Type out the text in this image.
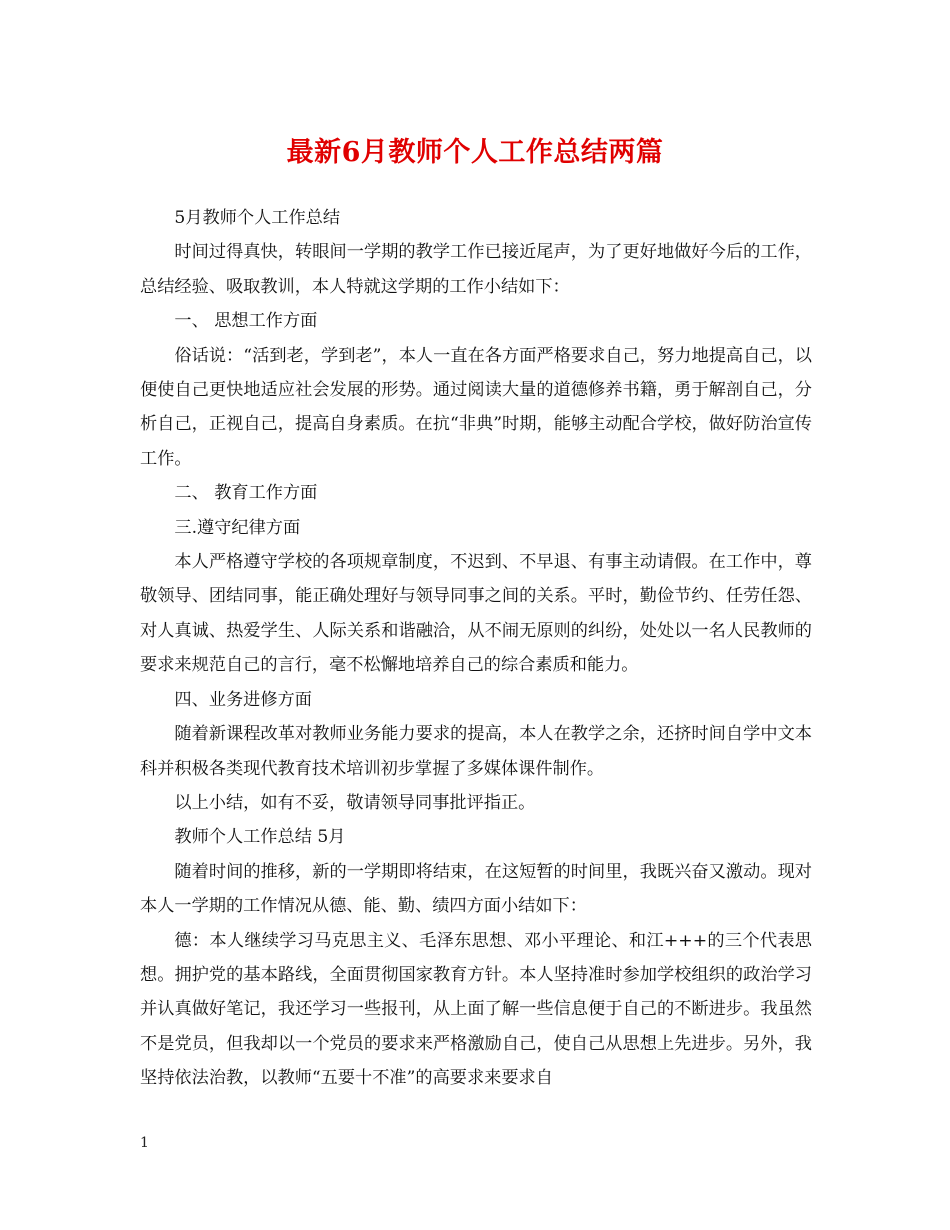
最新6月教师个人工作总结两篇

5月教师个人工作总结

时间过得真快，转眼间一学期的教学工作已接近尾声，为了更好地做好今后的工作，总结经验、吸取教训，本人特就这学期的工作小结如下：

一、 思想工作方面

俗话说：“活到老，学到老”，本人一直在各方面严格要求自己，努力地提高自己，以便使自己更快地适应社会发展的形势。通过阅读大量的道德修养书籍，勇于解剖自己，分析自己，正视自己，提高自身素质。在抗“非典”时期，能够主动配合学校，做好防治宣传工作。

二、 教育工作方面

三.遵守纪律方面

本人严格遵守学校的各项规章制度，不迟到、不早退、有事主动请假。在工作中，尊敬领导、团结同事，能正确处理好与领导同事之间的关系。平时，勤俭节约、任劳任怨、对人真诚、热爱学生、人际关系和谐融洽，从不闹无原则的纠纷，处处以一名人民教师的要求来规范自己的言行，毫不松懈地培养自己的综合素质和能力。

四、业务进修方面

随着新课程改革对教师业务能力要求的提高，本人在教学之余，还挤时间自学中文本科并积极各类现代教育技术培训初步掌握了多媒体课件制作。

以上小结，如有不妥，敬请领导同事批评指正。

教师个人工作总结 5月

随着时间的推移，新的一学期即将结束，在这短暂的时间里，我既兴奋又激动。现对本人一学期的工作情况从德、能、勤、绩四方面小结如下：

德：本人继续学习马克思主义、毛泽东思想、邓小平理论、和江+++的三个代表思想。拥护党的基本路线，全面贯彻国家教育方针。本人坚持准时参加学校组织的政治学习并认真做好笔记，我还学习一些报刊，从上面了解一些信息便于自己的不断进步。我虽然不是党员，但我却以一个党员的要求来严格激励自己，使自己从思想上先进步。另外，我坚持依法治教，以教师“五要十不准”的高要求来要求自

1
